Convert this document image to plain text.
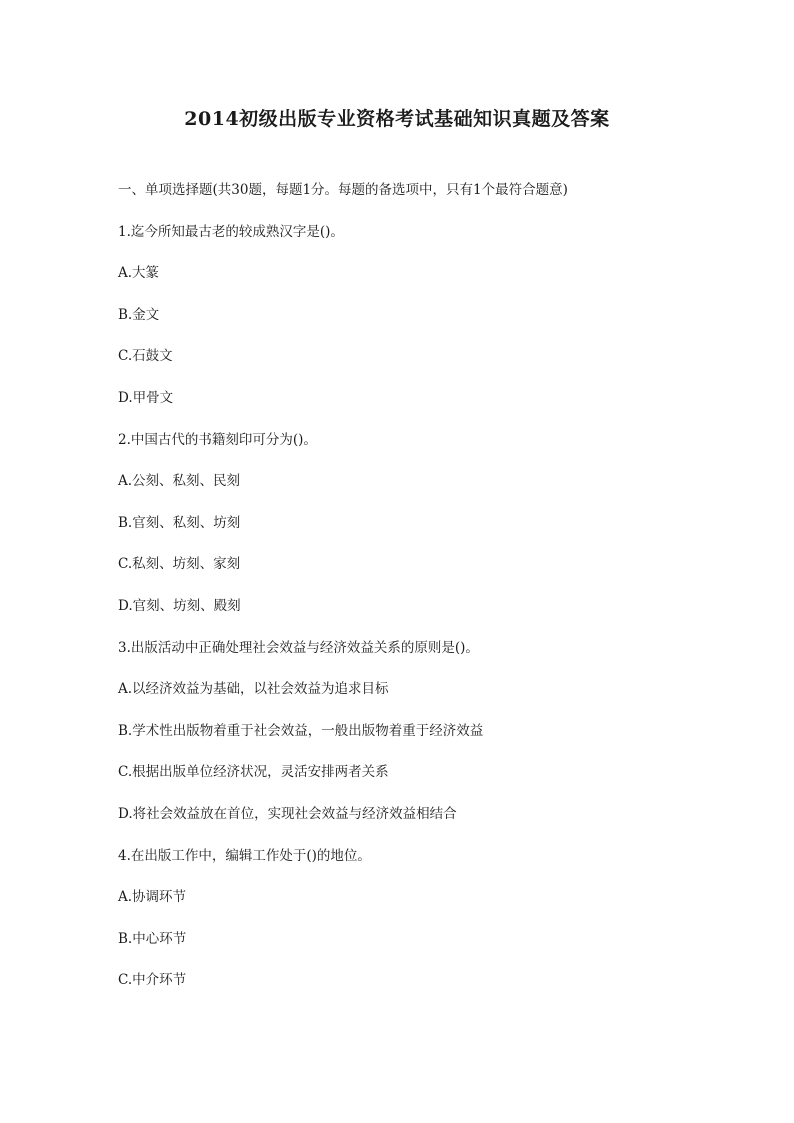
2014初级出版专业资格考试基础知识真题及答案
一、单项选择题(共30题，每题1分。每题的备选项中，只有1个最符合题意)
1.迄今所知最古老的较成熟汉字是()。
A.大篆
B.金文
C.石鼓文
D.甲骨文
2.中国古代的书籍刻印可分为()。
A.公刻、私刻、民刻
B.官刻、私刻、坊刻
C.私刻、坊刻、家刻
D.官刻、坊刻、殿刻
3.出版活动中正确处理社会效益与经济效益关系的原则是()。
A.以经济效益为基础，以社会效益为追求目标
B.学术性出版物着重于社会效益，一般出版物着重于经济效益
C.根据出版单位经济状况，灵活安排两者关系
D.将社会效益放在首位，实现社会效益与经济效益相结合
4.在出版工作中，编辑工作处于()的地位。
A.协调环节
B.中心环节
C.中介环节
